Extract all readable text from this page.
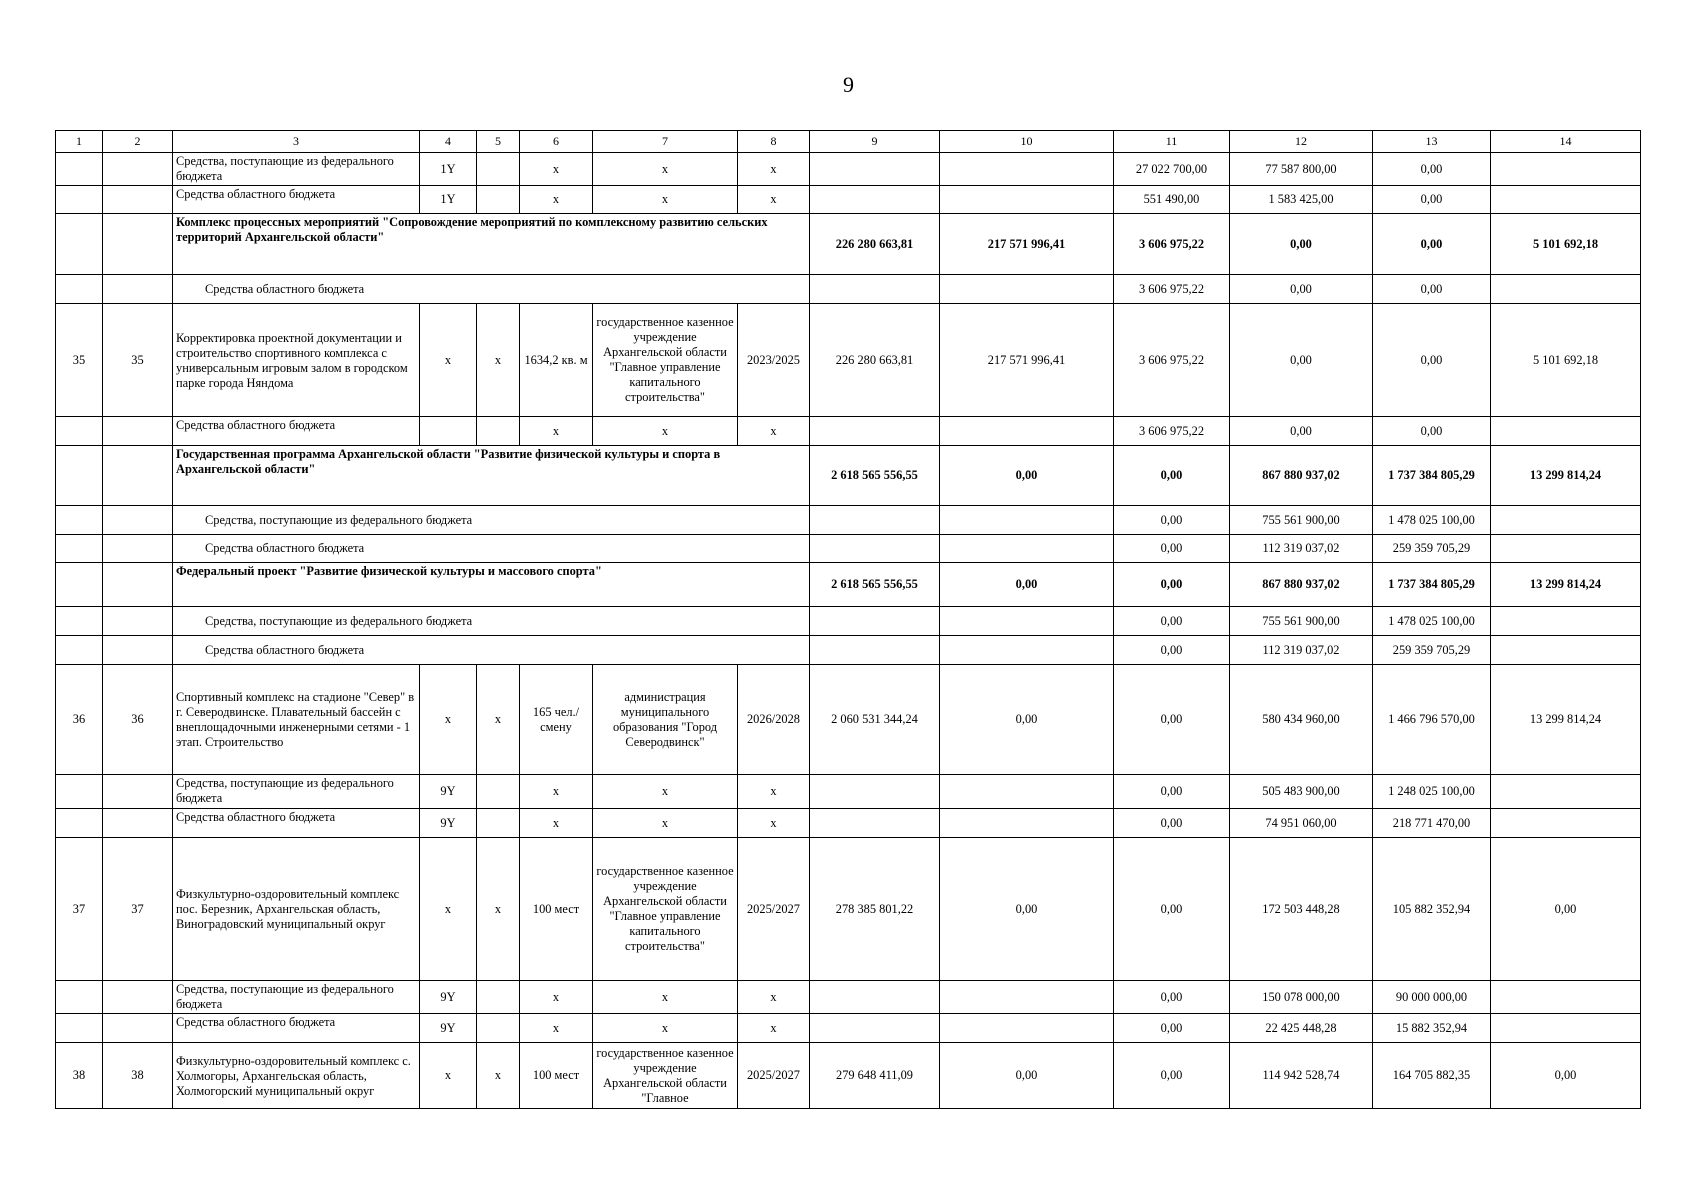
9
1	2	3	4	5	6	7	8	9	10	11	12	13	14
		Средства, поступающие из федерального бюджета	1Y		x	x	x			27 022 700,00	77 587 800,00	0,00	
		Средства областного бюджета	1Y		x	x	x			551 490,00	1 583 425,00	0,00	
		Комплекс процессных мероприятий "Сопровождение мероприятий по комплексному развитию сельских территорий Архангельской области"						226 280 663,81	217 571 996,41	3 606 975,22	0,00	0,00	5 101 692,18
		Средства областного бюджета								3 606 975,22	0,00	0,00	
35	35	Корректировка проектной документации и строительство спортивного комплекса с универсальным игровым залом в городском парке города Няндома	x	x	1634,2 кв. м	государственное казенное учреждение Архангельской области "Главное управление капитального строительства"	2023/2025	226 280 663,81	217 571 996,41	3 606 975,22	0,00	0,00	5 101 692,18
		Средства областного бюджета			x	x	x			3 606 975,22	0,00	0,00	
		Государственная программа Архангельской области "Развитие физической культуры и спорта в Архангельской области"						2 618 565 556,55	0,00	0,00	867 880 937,02	1 737 384 805,29	13 299 814,24
		Средства, поступающие из федерального бюджета								0,00	755 561 900,00	1 478 025 100,00	
		Средства областного бюджета								0,00	112 319 037,02	259 359 705,29	
		Федеральный проект "Развитие физической культуры и массового спорта"						2 618 565 556,55	0,00	0,00	867 880 937,02	1 737 384 805,29	13 299 814,24
		Средства, поступающие из федерального бюджета								0,00	755 561 900,00	1 478 025 100,00	
		Средства областного бюджета								0,00	112 319 037,02	259 359 705,29	
36	36	Спортивный комплекс на стадионе "Север" в г. Северодвинске. Плавательный бассейн с внеплощадочными инженерными сетями - 1 этап. Строительство	x	x	165 чел./смену	администрация муниципального образования "Город Северодвинск"	2026/2028	2 060 531 344,24	0,00	0,00	580 434 960,00	1 466 796 570,00	13 299 814,24
		Средства, поступающие из федерального бюджета	9Y		x	x	x			0,00	505 483 900,00	1 248 025 100,00	
		Средства областного бюджета	9Y		x	x	x			0,00	74 951 060,00	218 771 470,00	
37	37	Физкультурно-оздоровительный комплекс пос. Березник, Архангельская область, Виноградовский муниципальный округ	x	x	100 мест	государственное казенное учреждение Архангельской области "Главное управление капитального строительства"	2025/2027	278 385 801,22	0,00	0,00	172 503 448,28	105 882 352,94	0,00
		Средства, поступающие из федерального бюджета	9Y		x	x	x			0,00	150 078 000,00	90 000 000,00	
		Средства областного бюджета	9Y		x	x	x			0,00	22 425 448,28	15 882 352,94	
38	38	Физкультурно-оздоровительный комплекс с. Холмогоры, Архангельская область, Холмогорский муниципальный округ	x	x	100 мест	государственное казенное учреждение Архангельской области "Главное	2025/2027	279 648 411,09	0,00	0,00	114 942 528,74	164 705 882,35	0,00
